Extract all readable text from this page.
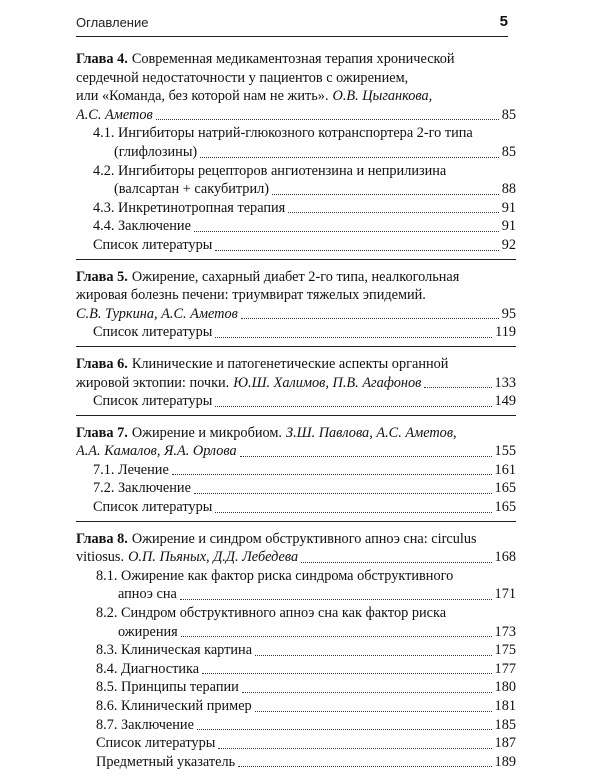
Оглавление	5
Глава 4. Современная медикаментозная терапия хронической
сердечной недостаточности у пациентов с ожирением,
или «Команда, без которой нам не жить». О.В. Цыганкова,
А.С. Аметов	85
4.1. Ингибиторы натрий-глюкозного котранспортера 2-го типа
(глифлозины)	85
4.2. Ингибиторы рецепторов ангиотензина и неприлизина
(валсартан + сакубитрил)	88
4.3. Инкретинотропная терапия	91
4.4. Заключение	91
Список литературы	92
Глава 5. Ожирение, сахарный диабет 2-го типа, неалкогольная
жировая болезнь печени: триумвират тяжелых эпидемий.
С.В. Туркина, А.С. Аметов	95
Список литературы	119
Глава 6. Клинические и патогенетические аспекты органной
жировой эктопии: почки. Ю.Ш. Халимов, П.В. Агафонов	133
Список литературы	149
Глава 7. Ожирение и микробиом. З.Ш. Павлова, А.С. Аметов,
А.А. Камалов, Я.А. Орлова	155
7.1. Лечение	161
7.2. Заключение	165
Список литературы	165
Глава 8. Ожирение и синдром обструктивного апноэ сна: circulus
vitiosus. О.П. Пьяных, Д.Д. Лебедева	168
8.1. Ожирение как фактор риска синдрома обструктивного
апноэ сна	171
8.2. Синдром обструктивного апноэ сна как фактор риска
ожирения	173
8.3. Клиническая картина	175
8.4. Диагностика	177
8.5. Принципы терапии	180
8.6. Клинический пример	181
8.7. Заключение	185
Список литературы	187
Предметный указатель	189
